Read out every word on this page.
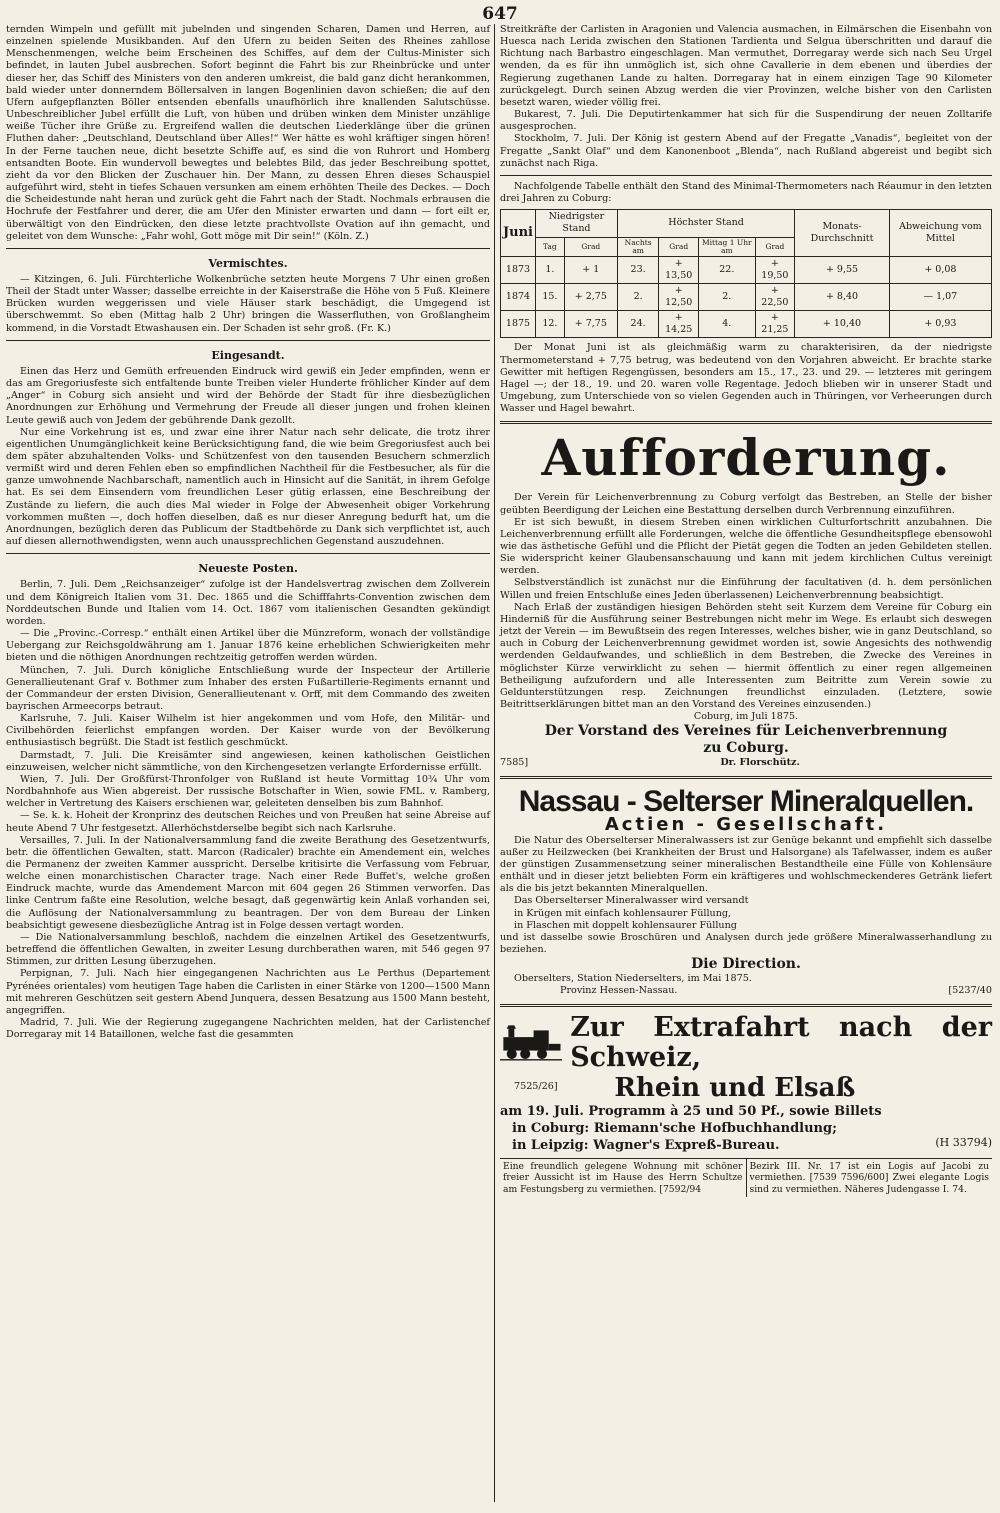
647

ternden Wimpeln und gefüllt mit jubelnden und singenden Scharen, Damen und Herren, auf einzelnen spielende Musikbanden. Auf den Ufern zu beiden Seiten des Rheines zahllose Menschenmengen, welche beim Erscheinen des Schiffes, auf dem der Cultus-Minister sich befindet, in lauten Jubel ausbrechen. Sofort beginnt die Fahrt bis zur Rheinbrücke und unter dieser her, das Schiff des Ministers von den anderen umkreist, die bald ganz dicht herankommen, bald wieder unter donnerndem Böllersalven in langen Bogenlinien davon schießen; die auf den Ufern aufgepflanzten Böller entsenden ebenfalls unaufhörlich ihre knallenden Salutschüsse. Unbeschreiblicher Jubel erfüllt die Luft, von hüben und drüben winken dem Minister unzählige weiße Tücher ihre Grüße zu. Ergreifend wallen die deutschen Liederklänge über die grünen Fluthen daher: „Deutschland, Deutschland über Alles!“ Wer hätte es wohl kräftiger singen hören! In der Ferne tauchen neue, dicht besetzte Schiffe auf, es sind die von Ruhrort und Homberg entsandten Boote. Ein wundervoll bewegtes und belebtes Bild, das jeder Beschreibung spottet, zieht da vor den Blicken der Zuschauer hin. Der Mann, zu dessen Ehren dieses Schauspiel aufgeführt wird, steht in tiefes Schauen versunken am einem erhöhten Theile des Deckes. — Doch die Scheidestunde naht heran und zurück geht die Fahrt nach der Stadt. Nochmals erbrausen die Hochrufe der Festfahrer und derer, die am Ufer den Minister erwarten und dann — fort eilt er, überwältigt von den Eindrücken, den diese letzte prachtvollste Ovation auf ihn gemacht, und geleitet von dem Wunsche: „Fahr wohl, Gott möge mit Dir sein!“ (Köln. Z.)

Vermischtes.

— Kitzingen, 6. Juli. Fürchterliche Wolkenbrüche setzten heute Morgens 7 Uhr einen großen Theil der Stadt unter Wasser; dasselbe erreichte in der Kaiserstraße die Höhe von 5 Fuß. Kleinere Brücken wurden weggerissen und viele Häuser stark beschädigt, die Umgegend ist überschwemmt. So eben (Mittag halb 2 Uhr) bringen die Wasserfluthen, von Großlangheim kommend, in die Vorstadt Etwashausen ein. Der Schaden ist sehr groß. (Fr. K.)

Eingesandt.

Einen das Herz und Gemüth erfreuenden Eindruck wird gewiß ein Jeder empfinden, wenn er das am Gregoriusfeste sich entfaltende bunte Treiben vieler Hunderte fröhlicher Kinder auf dem „Anger“ in Coburg sich ansieht und wird der Behörde der Stadt für ihre diesbezüglichen Anordnungen zur Erhöhung und Vermehrung der Freude all dieser jungen und frohen kleinen Leute gewiß auch von Jedem der gebührende Dank gezollt.

Nur eine Vorkehrung ist es, und zwar eine ihrer Natur nach sehr delicate, die trotz ihrer eigentlichen Unumgänglichkeit keine Berücksichtigung fand, die wie beim Gregoriusfest auch bei dem später abzuhaltenden Volks- und Schützenfest von den tausenden Besuchern schmerzlich vermißt wird und deren Fehlen eben so empfindlichen Nachtheil für die Festbesucher, als für die ganze umwohnende Nachbarschaft, namentlich auch in Hinsicht auf die Sanität, in ihrem Gefolge hat. Es sei dem Einsendern vom freundlichen Leser gütig erlassen, eine Beschreibung der Zustände zu liefern, die auch dies Mal wieder in Folge der Abwesenheit obiger Vorkehrung vorkommen mußten —, doch hoffen dieselben, daß es nur dieser Anregung bedurft hat, um die Anordnungen, bezüglich deren das Publicum der Stadtbehörde zu Dank sich verpflichtet ist, auch auf diesen allernothwendigsten, wenn auch unaussprechlichen Gegenstand auszudehnen.

Neueste Posten.

Berlin, 7. Juli. Dem „Reichsanzeiger“ zufolge ist der Handelsvertrag zwischen dem Zollverein und dem Königreich Italien vom 31. Dec. 1865 und die Schifffahrts-Convention zwischen dem Norddeutschen Bunde und Italien vom 14. Oct. 1867 vom italienischen Gesandten gekündigt worden.

— Die „Provinc.-Corresp.“ enthält einen Artikel über die Münzreform, wonach der vollständige Uebergang zur Reichsgoldwährung am 1. Januar 1876 keine erheblichen Schwierigkeiten mehr bieten und die nöthigen Anordnungen rechtzeitig getroffen werden würden.

München, 7. Juli. Durch königliche Entschließung wurde der Inspecteur der Artillerie Generallieutenant Graf v. Bothmer zum Inhaber des ersten Fußartillerie-Regiments ernannt und der Commandeur der ersten Division, Generallieutenant v. Orff, mit dem Commando des zweiten bayrischen Armeecorps betraut.

Karlsruhe, 7. Juli. Kaiser Wilhelm ist hier angekommen und vom Hofe, den Militär- und Civilbehörden feierlichst empfangen worden. Der Kaiser wurde von der Bevölkerung enthusiastisch begrüßt. Die Stadt ist festlich geschmückt.

Darmstadt, 7. Juli. Die Kreisämter sind angewiesen, keinen katholischen Geistlichen einzuweisen, welcher nicht sämmtliche, von den Kirchengesetzen verlangte Erfordernisse erfüllt.

Wien, 7. Juli. Der Großfürst-Thronfolger von Rußland ist heute Vormittag 10¾ Uhr vom Nordbahnhofe aus Wien abgereist. Der russische Botschafter in Wien, sowie FML. v. Ramberg, welcher in Vertretung des Kaisers erschienen war, geleiteten denselben bis zum Bahnhof.

— Se. k. k. Hoheit der Kronprinz des deutschen Reiches und von Preußen hat seine Abreise auf heute Abend 7 Uhr festgesetzt. Allerhöchstderselbe begibt sich nach Karlsruhe.

Versailles, 7. Juli. In der Nationalversammlung fand die zweite Berathung des Gesetzentwurfs, betr. die öffentlichen Gewalten, statt. Marcon (Radicaler) brachte ein Amendement ein, welches die Permanenz der zweiten Kammer ausspricht. Derselbe kritisirte die Verfassung vom Februar, welche einen monarchistischen Character trage. Nach einer Rede Buffet's, welche großen Eindruck machte, wurde das Amendement Marcon mit 604 gegen 26 Stimmen verworfen. Das linke Centrum faßte eine Resolution, welche besagt, daß gegenwärtig kein Anlaß vorhanden sei, die Auflösung der Nationalversammlung zu beantragen. Der von dem Bureau der Linken beabsichtigt gewesene diesbezügliche Antrag ist in Folge dessen vertagt worden.

— Die Nationalversammlung beschloß, nachdem die einzelnen Artikel des Gesetzentwurfs, betreffend die öffentlichen Gewalten, in zweiter Lesung durchberathen waren, mit 546 gegen 97 Stimmen, zur dritten Lesung überzugehen.

Perpignan, 7. Juli. Nach hier eingegangenen Nachrichten aus Le Perthus (Departement Pyrénées orientales) vom heutigen Tage haben die Carlisten in einer Stärke von 1200—1500 Mann mit mehreren Geschützen seit gestern Abend Junquera, dessen Besatzung aus 1500 Mann besteht, angegriffen.

Madrid, 7. Juli. Wie der Regierung zugegangene Nachrichten melden, hat der Carlistenchef Dorregaray mit 14 Bataillonen, welche fast die gesammten

Streitkräfte der Carlisten in Aragonien und Valencia ausmachen, in Eilmärschen die Eisenbahn von Huesca nach Lerida zwischen den Stationen Tardienta und Selgua überschritten und darauf die Richtung nach Barbastro eingeschlagen. Man vermuthet, Dorregaray werde sich nach Seu Urgel wenden, da es für ihn unmöglich ist, sich ohne Cavallerie in dem ebenen und überdies der Regierung zugethanen Lande zu halten. Dorregaray hat in einem einzigen Tage 90 Kilometer zurückgelegt. Durch seinen Abzug werden die vier Provinzen, welche bisher von den Carlisten besetzt waren, wieder völlig frei.

Bukarest, 7. Juli. Die Deputirtenkammer hat sich für die Suspendirung der neuen Zolltarife ausgesprochen.

Stockholm, 7. Juli. Der König ist gestern Abend auf der Fregatte „Vanadis“, begleitet von der Fregatte „Sankt Olaf“ und dem Kanonenboot „Blenda“, nach Rußland abgereist und begibt sich zunächst nach Riga.

Nachfolgende Tabelle enthält den Stand des Minimal-Thermometers nach Réaumur in den letzten drei Jahren zu Coburg:

Juni	Niedrigster Stand		Höchster Stand				Monats-Durchschnitt	Abweichung vom Mittel
	Tag	Grad	Nachts am	Grad	Mittag 1 Uhr am	Grad		
1873	1.	+ 1	23.	+ 13,50	22.	+ 19,50	+ 9,55	+ 0,08
1874	15.	+ 2,75	2.	+ 12,50	2.	+ 22,50	+ 8,40	— 1,07
1875	12.	+ 7,75	24.	+ 14,25	4.	+ 21,25	+ 10,40	+ 0,93

Der Monat Juni ist als gleichmäßig warm zu charakterisiren, da der niedrigste Thermometerstand + 7,75 betrug, was bedeutend von den Vorjahren abweicht. Er brachte starke Gewitter mit heftigen Regengüssen, besonders am 15., 17., 23. und 29. — letzteres mit geringem Hagel —; der 18., 19. und 20. waren volle Regentage. Jedoch blieben wir in unserer Stadt und Umgebung, zum Unterschiede von so vielen Gegenden auch in Thüringen, vor Verheerungen durch Wasser und Hagel bewahrt.

Aufforderung.

Der Verein für Leichenverbrennung zu Coburg verfolgt das Bestreben, an Stelle der bisher geübten Beerdigung der Leichen eine Bestattung derselben durch Verbrennung einzuführen.

Er ist sich bewußt, in diesem Streben einen wirklichen Culturfortschritt anzubahnen. Die Leichenverbrennung erfüllt alle Forderungen, welche die öffentliche Gesundheitspflege ebensowohl wie das ästhetische Gefühl und die Pflicht der Pietät gegen die Todten an jeden Gebildeten stellen. Sie widerspricht keiner Glaubensanschauung und kann mit jedem kirchlichen Cultus vereinigt werden.

Selbstverständlich ist zunächst nur die Einführung der facultativen (d. h. dem persönlichen Willen und freien Entschluße eines Jeden überlassenen) Leichenverbrennung beabsichtigt.

Nach Erlaß der zuständigen hiesigen Behörden steht seit Kurzem dem Vereine für Coburg ein Hinderniß für die Ausführung seiner Bestrebungen nicht mehr im Wege. Es erlaubt sich deswegen jetzt der Verein — im Bewußtsein des regen Interesses, welches bisher, wie in ganz Deutschland, so auch in Coburg der Leichenverbrennung gewidmet worden ist, sowie Angesichts des nothwendig werdenden Geldaufwandes, und schließlich in dem Bestreben, die Zwecke des Vereines in möglichster Kürze verwirklicht zu sehen — hiermit öffentlich zu einer regen allgemeinen Betheiligung aufzufordern und alle Interessenten zum Beitritte zum Verein sowie zu Geldunterstützungen resp. Zeichnungen freundlichst einzuladen. (Letztere, sowie Beitrittserklärungen bittet man an den Vorstand des Vereines einzusenden.)

Coburg, im Juli 1875.
Der Vorstand des Vereines für Leichenverbrennung
zu Coburg.
7585]	Dr. Florschütz.
Nassau - Selterser Mineralquellen.
Actien - Gesellschaft.

Die Natur des Oberselterser Mineralwassers ist zur Genüge bekannt und empfiehlt sich dasselbe außer zu Heilzwecken (bei Krankheiten der Brust und Halsorgane) als Tafelwasser, indem es außer der günstigen Zusammensetzung seiner mineralischen Bestandtheile eine Fülle von Kohlensäure enthält und in dieser jetzt beliebten Form ein kräftigeres und wohlschmeckenderes Getränk liefert als die bis jetzt bekannten Mineralquellen.

Das Oberselterser Mineralwasser wird versandt

in Krügen mit einfach kohlensaurer Füllung,

in Flaschen mit doppelt kohlensaurer Füllung

und ist dasselbe sowie Broschüren und Analysen durch jede größere Mineralwasserhandlung zu beziehen.

Die Direction.

Oberselters, Station Niederselters, im Mai 1875.

Provinz Hessen-Nassau.	[5237/40
Zur Extrafahrt nach der Schweiz,
7525/26] Rhein und Elsaß
am 19. Juli. Programm à 25 und 50 Pf., sowie Billets
in Coburg: Riemann'sche Hofbuchhandlung;
in Leipzig: Wagner's Expreß-Bureau.	(H 33794)
Eine freundlich gelegene Wohnung mit schöner freier Aussicht ist im Hause des Herrn Schultze am Festungsberg zu vermiethen. [7592/94
Bezirk III. Nr. 17 ist ein Logis auf Jacobi zu vermiethen. [7539 7596/600] Zwei elegante Logis sind zu vermiethen. Näheres Judengasse I. 74.
